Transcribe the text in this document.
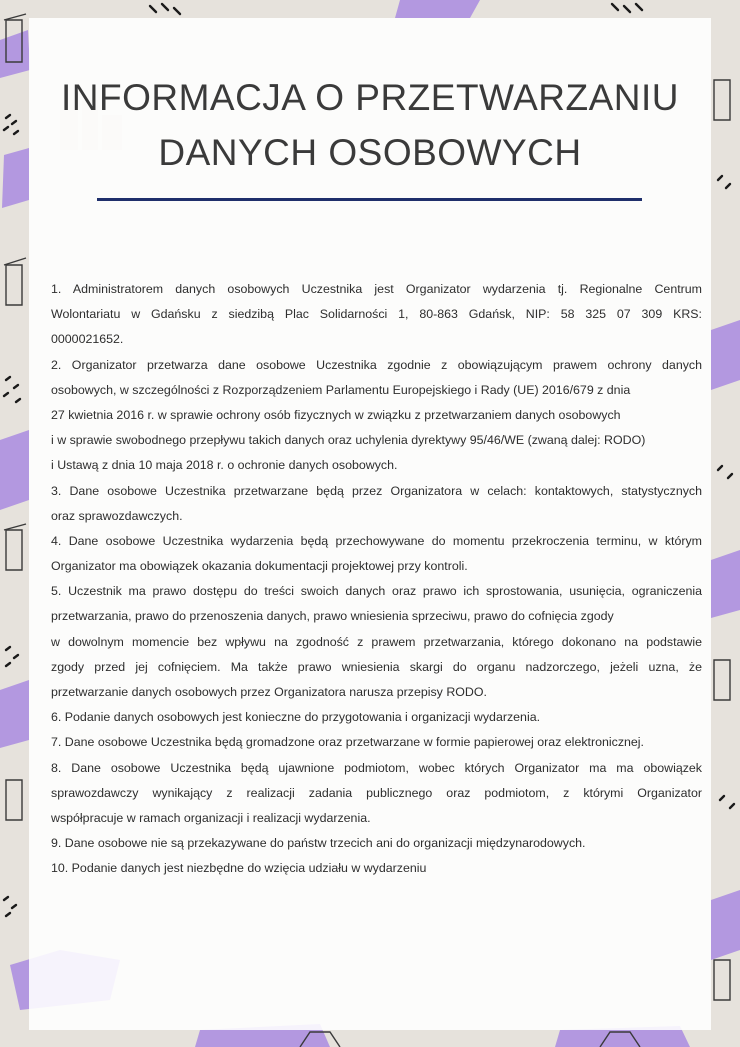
INFORMACJA O PRZETWARZANIU
DANYCH OSOBOWYCH
1. Administratorem danych osobowych Uczestnika jest Organizator wydarzenia tj. Regionalne Centrum
Wolontariatu w Gdańsku z siedzibą Plac Solidarności 1, 80-863 Gdańsk, NIP: 58 325 07 309 KRS:
0000021652.
2. Organizator przetwarza dane osobowe Uczestnika zgodnie z obowiązującym prawem ochrony danych
osobowych, w szczególności z Rozporządzeniem Parlamentu Europejskiego i Rady (UE) 2016/679 z dnia
27 kwietnia 2016 r. w sprawie ochrony osób fizycznych w związku z przetwarzaniem danych osobowych
i w sprawie swobodnego przepływu takich danych oraz uchylenia dyrektywy 95/46/WE (zwaną dalej: RODO)
i Ustawą z dnia 10 maja 2018 r. o ochronie danych osobowych.
3. Dane osobowe Uczestnika przetwarzane będą przez Organizatora w celach: kontaktowych, statystycznych
oraz sprawozdawczych.
4. Dane osobowe Uczestnika wydarzenia będą przechowywane do momentu przekroczenia terminu, w którym
Organizator ma obowiązek okazania dokumentacji projektowej przy kontroli.
5. Uczestnik ma prawo dostępu do treści swoich danych oraz prawo ich sprostowania, usunięcia, ograniczenia
przetwarzania, prawo do przenoszenia danych, prawo wniesienia sprzeciwu, prawo do cofnięcia zgody
w dowolnym momencie bez wpływu na zgodność z prawem przetwarzania, którego dokonano na podstawie
zgody przed jej cofnięciem. Ma także prawo wniesienia skargi do organu nadzorczego, jeżeli uzna, że
przetwarzanie danych osobowych przez Organizatora narusza przepisy RODO.
6. Podanie danych osobowych jest konieczne do przygotowania i organizacji wydarzenia.
7. Dane osobowe Uczestnika będą gromadzone oraz przetwarzane w formie papierowej oraz elektronicznej.
8. Dane osobowe Uczestnika będą ujawnione podmiotom, wobec których Organizator ma ma obowiązek
sprawozdawczy wynikający z realizacji zadania publicznego oraz podmiotom, z którymi Organizator
współpracuje w ramach organizacji i realizacji wydarzenia.
9. Dane osobowe nie są przekazywane do państw trzecich ani do organizacji międzynarodowych.
10. Podanie danych jest niezbędne do wzięcia udziału w wydarzeniu
